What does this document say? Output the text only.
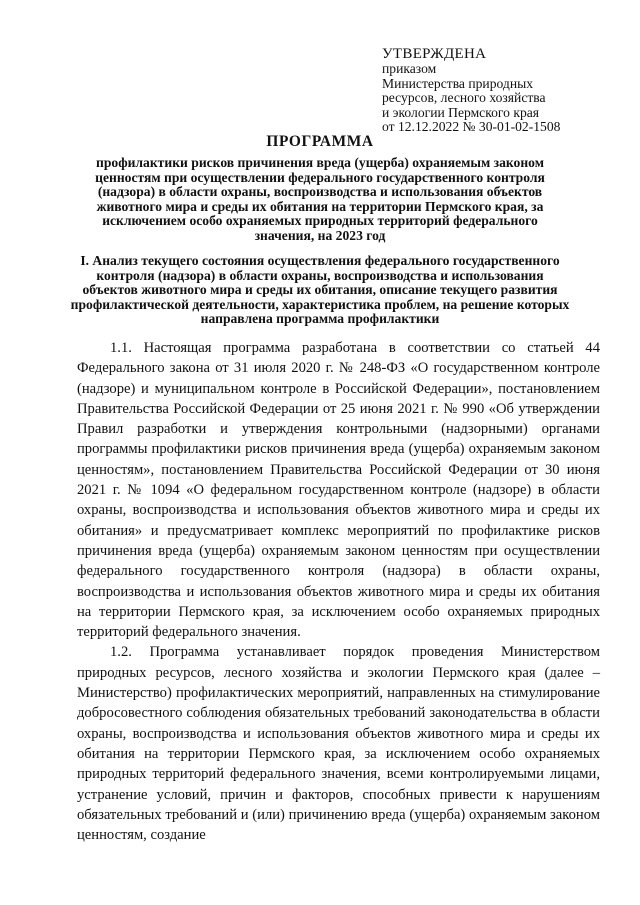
УТВЕРЖДЕНА
приказом
Министерства природных
ресурсов, лесного хозяйства
и экологии Пермского края
от 12.12.2022 № 30-01-02-1508
ПРОГРАММА
профилактики рисков причинения вреда (ущерба) охраняемым законом ценностям при осуществлении федерального государственного контроля (надзора) в области охраны, воспроизводства и использования объектов животного мира и среды их обитания на территории Пермского края, за исключением особо охраняемых природных территорий федерального значения, на 2023 год
I. Анализ текущего состояния осуществления федерального государственного контроля (надзора) в области охраны, воспроизводства и использования объектов животного мира и среды их обитания, описание текущего развития профилактической деятельности, характеристика проблем, на решение которых направлена программа профилактики

1.1. Настоящая программа разработана в соответствии со статьей 44 Федерального закона от 31 июля 2020 г. № 248-ФЗ «О государственном контроле (надзоре) и муниципальном контроле в Российской Федерации», постановлением Правительства Российской Федерации от 25 июня 2021 г. № 990 «Об утверждении Правил разработки и утверждения контрольными (надзорными) органами программы профилактики рисков причинения вреда (ущерба) охраняемым законом ценностям», постановлением Правительства Российской Федерации от 30 июня 2021 г. № 1094 «О федеральном государственном контроле (надзоре) в области охраны, воспроизводства и использования объектов животного мира и среды их обитания» и предусматривает комплекс мероприятий по профилактике рисков причинения вреда (ущерба) охраняемым законом ценностям при осуществлении федерального государственного контроля (надзора) в области охраны, воспроизводства и использования объектов животного мира и среды их обитания на территории Пермского края, за исключением особо охраняемых природных территорий федерального значения.

1.2. Программа устанавливает порядок проведения Министерством природных ресурсов, лесного хозяйства и экологии Пермского края (далее – Министерство) профилактических мероприятий, направленных на стимулирование добросовестного соблюдения обязательных требований законодательства в области охраны, воспроизводства и использования объектов животного мира и среды их обитания на территории Пермского края, за исключением особо охраняемых природных территорий федерального значения, всеми контролируемыми лицами, устранение условий, причин и факторов, способных привести к нарушениям обязательных требований и (или) причинению вреда (ущерба) охраняемым законом ценностям, создание
